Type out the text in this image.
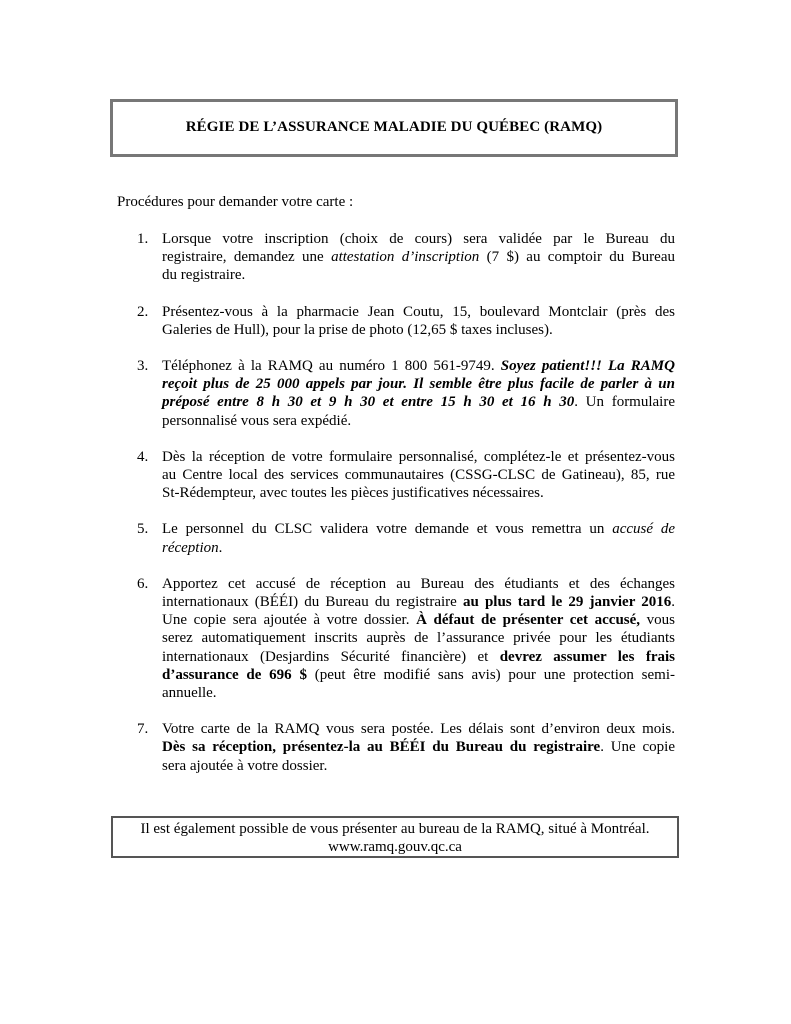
RÉGIE DE L’ASSURANCE MALADIE DU QUÉBEC (RAMQ)
Procédures pour demander votre carte :
1. Lorsque votre inscription (choix de cours) sera validée par le Bureau du
registraire, demandez une attestation d’inscription (7 $) au comptoir du Bureau
du registraire.
2. Présentez-vous à la pharmacie Jean Coutu, 15, boulevard Montclair (près des
Galeries de Hull), pour la prise de photo (12,65 $ taxes incluses).
3. Téléphonez à la RAMQ au numéro 1 800 561-9749. Soyez patient!!! La RAMQ
reçoit plus de 25 000 appels par jour. Il semble être plus facile de parler à un
préposé entre 8 h 30 et 9 h 30 et entre 15 h 30 et 16 h 30. Un formulaire
personnalisé vous sera expédié.
4. Dès la réception de votre formulaire personnalisé, complétez-le et présentez-vous
au Centre local des services communautaires (CSSG-CLSC de Gatineau), 85, rue
St-Rédempteur, avec toutes les pièces justificatives nécessaires.
5. Le personnel du CLSC validera votre demande et vous remettra un accusé de
réception.
6. Apportez cet accusé de réception au Bureau des étudiants et des échanges
internationaux (BÉÉI) du Bureau du registraire au plus tard le 29 janvier 2016.
Une copie sera ajoutée à votre dossier. À défaut de présenter cet accusé, vous
serez automatiquement inscrits auprès de l’assurance privée pour les étudiants
internationaux (Desjardins Sécurité financière) et devrez assumer les frais
d’assurance de 696 $ (peut être modifié sans avis) pour une protection semi-
annuelle.
7. Votre carte de la RAMQ vous sera postée. Les délais sont d’environ deux mois.
Dès sa réception, présentez-la au BÉÉI du Bureau du registraire. Une copie
sera ajoutée à votre dossier.
Il est également possible de vous présenter au bureau de la RAMQ, situé à Montréal.
www.ramq.gouv.qc.ca
